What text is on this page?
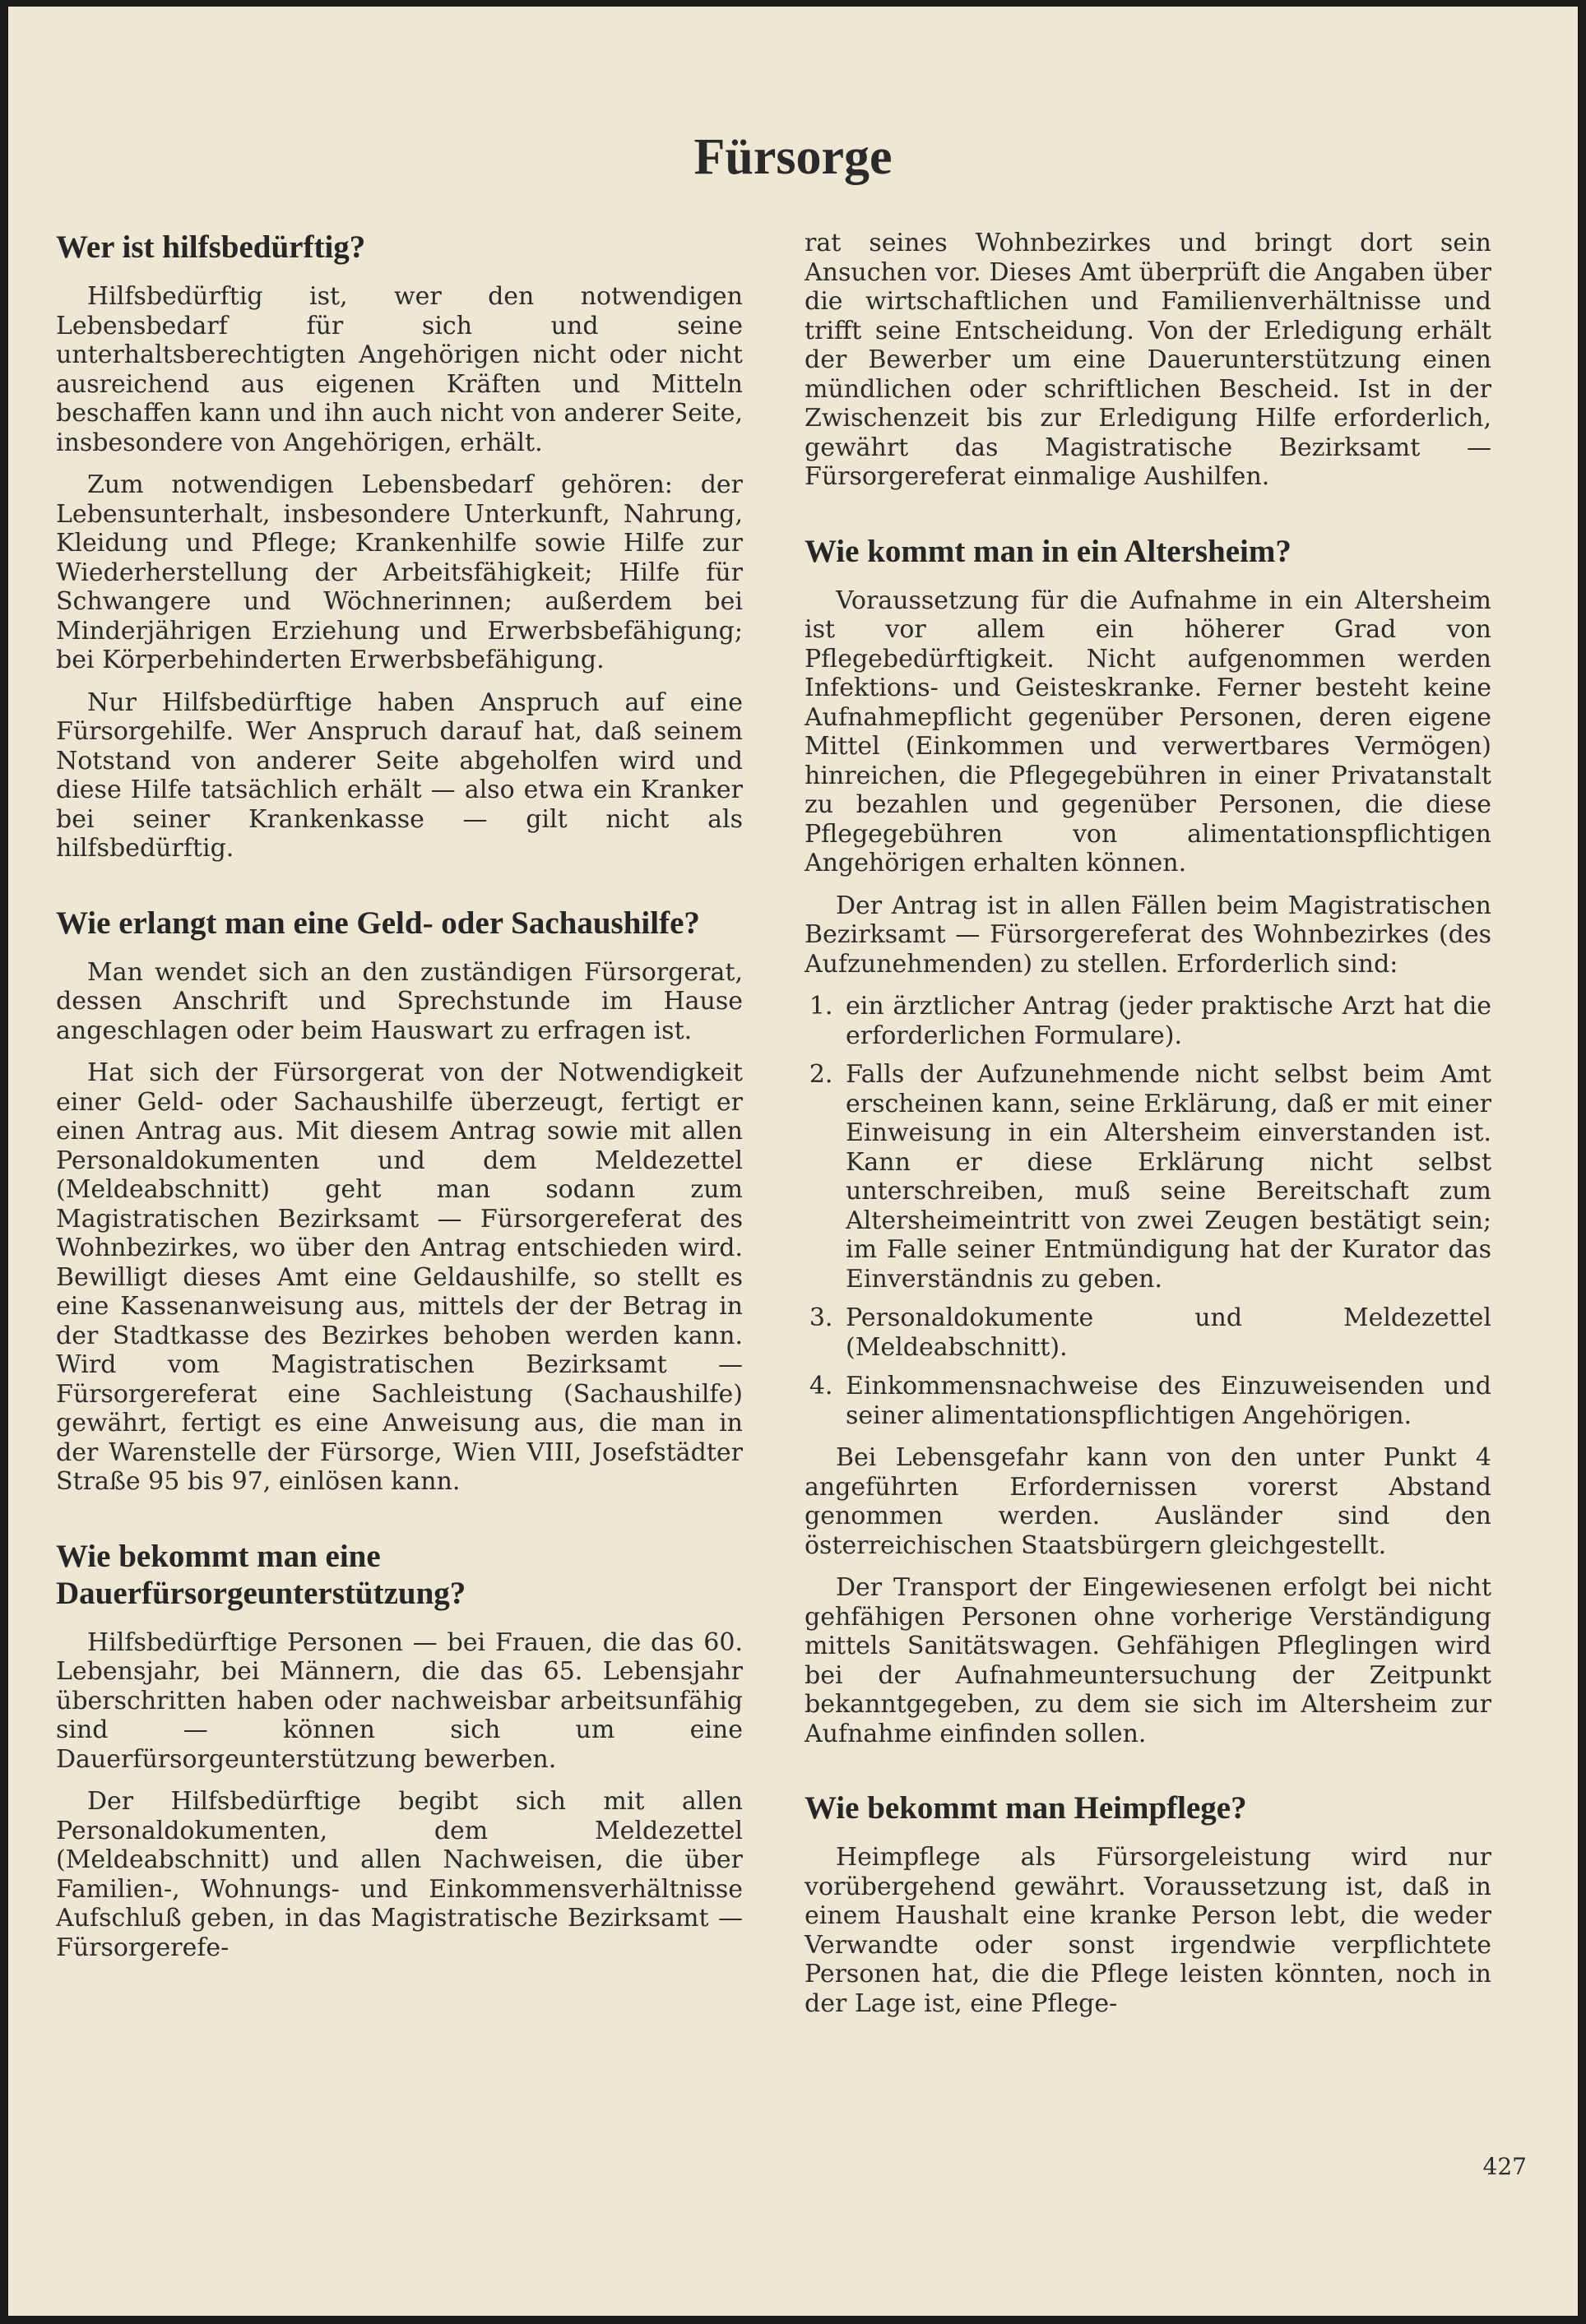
Fürsorge
Wer ist hilfsbedürftig?

Hilfsbedürftig ist, wer den notwendigen Lebensbedarf für sich und seine unterhaltsberechtigten Angehörigen nicht oder nicht ausreichend aus eigenen Kräften und Mitteln beschaffen kann und ihn auch nicht von anderer Seite, insbesondere von Angehörigen, erhält.

Zum notwendigen Lebensbedarf gehören: der Lebensunterhalt, insbesondere Unterkunft, Nahrung, Kleidung und Pflege; Krankenhilfe sowie Hilfe zur Wiederherstellung der Arbeitsfähigkeit; Hilfe für Schwangere und Wöchnerinnen; außerdem bei Minderjährigen Erziehung und Erwerbsbefähigung; bei Körperbehinderten Erwerbsbefähigung.

Nur Hilfsbedürftige haben Anspruch auf eine Fürsorgehilfe. Wer Anspruch darauf hat, daß seinem Notstand von anderer Seite abgeholfen wird und diese Hilfe tatsächlich erhält — also etwa ein Kranker bei seiner Krankenkasse — gilt nicht als hilfsbedürftig.

Wie erlangt man eine Geld- oder Sachaushilfe?

Man wendet sich an den zuständigen Fürsorgerat, dessen Anschrift und Sprechstunde im Hause angeschlagen oder beim Hauswart zu erfragen ist.

Hat sich der Fürsorgerat von der Notwendigkeit einer Geld- oder Sachaushilfe überzeugt, fertigt er einen Antrag aus. Mit diesem Antrag sowie mit allen Personaldokumenten und dem Meldezettel (Meldeabschnitt) geht man sodann zum Magistratischen Bezirksamt — Fürsorgereferat des Wohnbezirkes, wo über den Antrag entschieden wird. Bewilligt dieses Amt eine Geldaushilfe, so stellt es eine Kassenanweisung aus, mittels der der Betrag in der Stadtkasse des Bezirkes behoben werden kann. Wird vom Magistratischen Bezirksamt — Fürsorgereferat eine Sachleistung (Sachaushilfe) gewährt, fertigt es eine Anweisung aus, die man in der Warenstelle der Fürsorge, Wien VIII, Josefstädter Straße 95 bis 97, einlösen kann.

Wie bekommt man eine Dauerfürsorgeunterstützung?

Hilfsbedürftige Personen — bei Frauen, die das 60. Lebensjahr, bei Männern, die das 65. Lebensjahr überschritten haben oder nachweisbar arbeitsunfähig sind — können sich um eine Dauerfürsorgeunterstützung bewerben.

Der Hilfsbedürftige begibt sich mit allen Personaldokumenten, dem Meldezettel (Meldeabschnitt) und allen Nachweisen, die über Familien-, Wohnungs- und Einkommensverhältnisse Aufschluß geben, in das Magistratische Bezirksamt — Fürsorgerefe-

rat seines Wohnbezirkes und bringt dort sein Ansuchen vor. Dieses Amt überprüft die Angaben über die wirtschaftlichen und Familienverhältnisse und trifft seine Entscheidung. Von der Erledigung erhält der Bewerber um eine Dauerunterstützung einen mündlichen oder schriftlichen Bescheid. Ist in der Zwischenzeit bis zur Erledigung Hilfe erforderlich, gewährt das Magistratische Bezirksamt — Fürsorgereferat einmalige Aushilfen.

Wie kommt man in ein Altersheim?

Voraussetzung für die Aufnahme in ein Altersheim ist vor allem ein höherer Grad von Pflegebedürftigkeit. Nicht aufgenommen werden Infektions- und Geisteskranke. Ferner besteht keine Aufnahmepflicht gegenüber Personen, deren eigene Mittel (Einkommen und verwertbares Vermögen) hinreichen, die Pflegegebühren in einer Privatanstalt zu bezahlen und gegenüber Personen, die diese Pflegegebühren von alimentationspflichtigen Angehörigen erhalten können.

Der Antrag ist in allen Fällen beim Magistratischen Bezirksamt — Fürsorgereferat des Wohnbezirkes (des Aufzunehmenden) zu stellen. Erforderlich sind:

1. ein ärztlicher Antrag (jeder praktische Arzt hat die erforderlichen Formulare).
2. Falls der Aufzunehmende nicht selbst beim Amt erscheinen kann, seine Erklärung, daß er mit einer Einweisung in ein Altersheim einverstanden ist. Kann er diese Erklärung nicht selbst unterschreiben, muß seine Bereitschaft zum Altersheimeintritt von zwei Zeugen bestätigt sein; im Falle seiner Entmündigung hat der Kurator das Einverständnis zu geben.
3. Personaldokumente und Meldezettel (Meldeabschnitt).
4. Einkommensnachweise des Einzuweisenden und seiner alimentationspflichtigen Angehörigen.

Bei Lebensgefahr kann von den unter Punkt 4 angeführten Erfordernissen vorerst Abstand genommen werden. Ausländer sind den österreichischen Staatsbürgern gleichgestellt.

Der Transport der Eingewiesenen erfolgt bei nicht gehfähigen Personen ohne vorherige Verständigung mittels Sanitätswagen. Gehfähigen Pfleglingen wird bei der Aufnahmeuntersuchung der Zeitpunkt bekanntgegeben, zu dem sie sich im Altersheim zur Aufnahme einfinden sollen.

Wie bekommt man Heimpflege?

Heimpflege als Fürsorgeleistung wird nur vorübergehend gewährt. Voraussetzung ist, daß in einem Haushalt eine kranke Person lebt, die weder Verwandte oder sonst irgendwie verpflichtete Personen hat, die die Pflege leisten könnten, noch in der Lage ist, eine Pflege-

427
